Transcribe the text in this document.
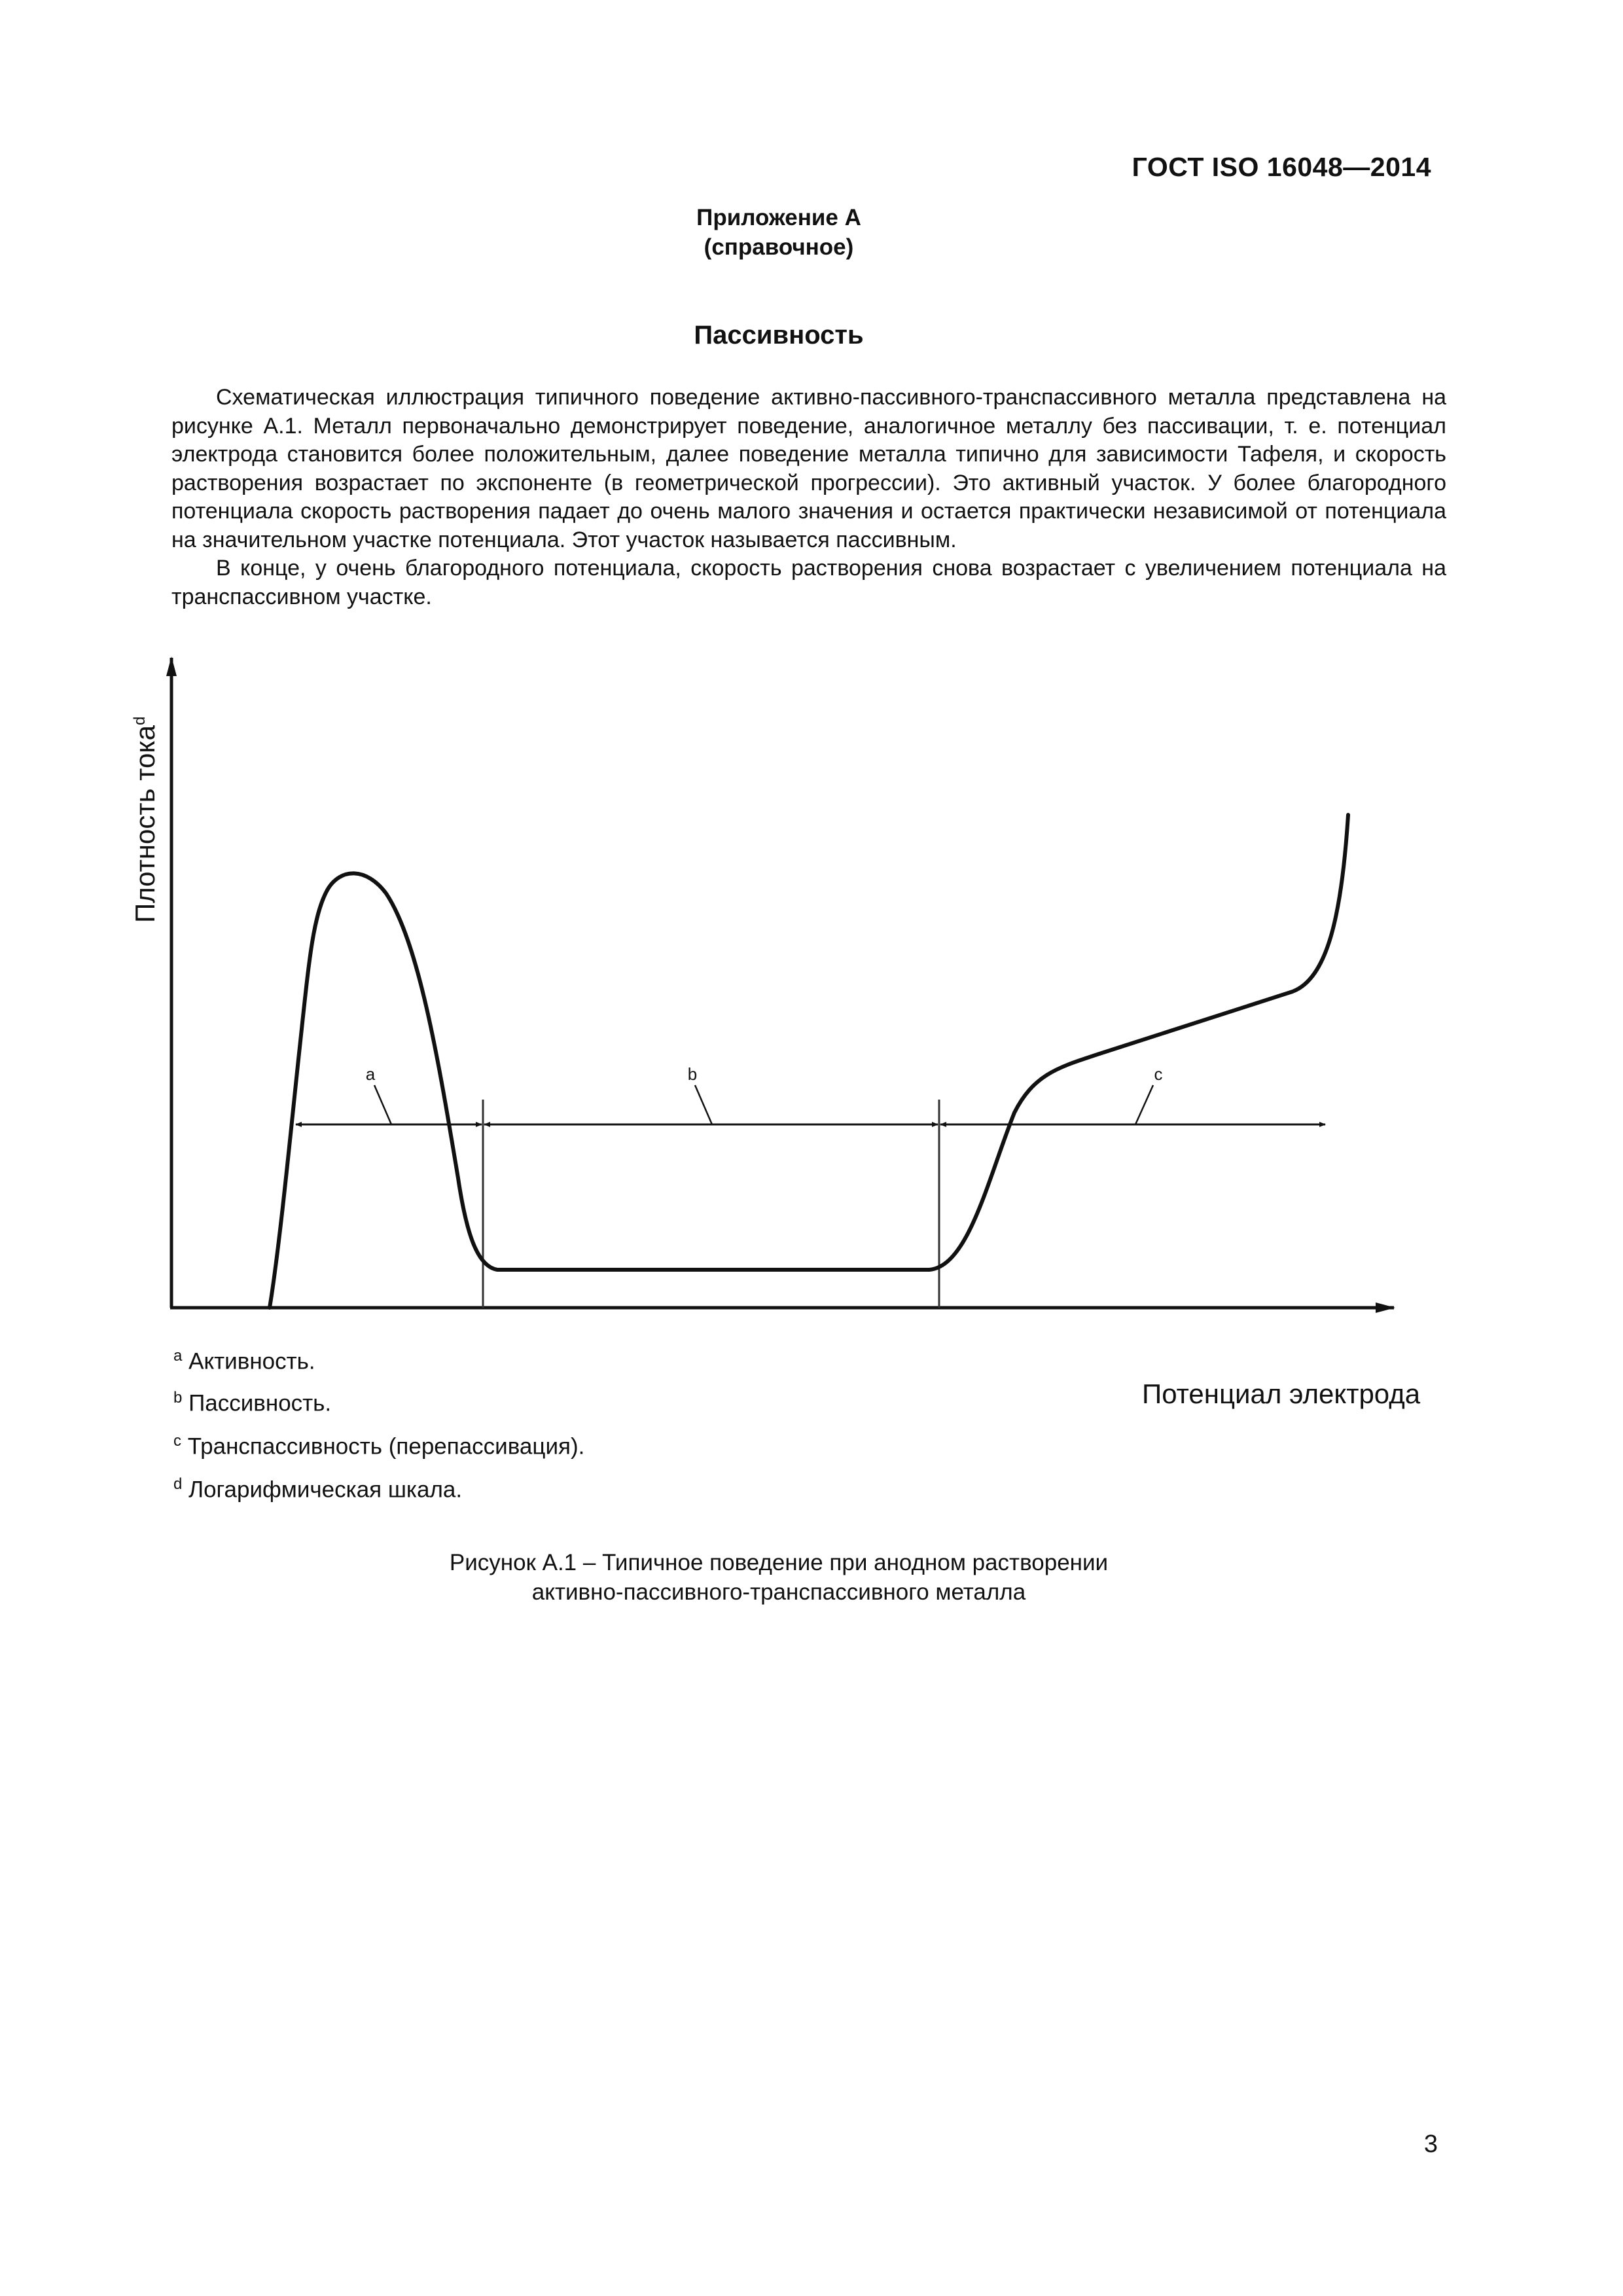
ГОСТ ISO 16048—2014
Приложение А
(справочное)
Пассивность

Схематическая иллюстрация типичного поведение активно-пассивного-транспассивного металла представлена на рисунке А.1. Металл первоначально демонстрирует поведение, аналогичное металлу без пассивации, т. е. потенциал электрода становится более положительным, далее поведение металла типично для зависимости Тафеля, и скорость растворения возрастает по экспоненте (в геометрической прогрессии). Это активный участок. У более благородного потенциала скорость растворения падает до очень малого значения и остается практически независимой от потенциала на значительном участке потенциала. Этот участок называется пассивным.

В конце, у очень благородного потенциала, скорость растворения снова возрастает с увеличением потенциала на транспассивном участке.

a	b	c
Плотность тока$^d$
Потенциал электрода
$^a$ Активность.
$^b$ Пассивность.
$^c$ Транспассивность (перепассивация).
$^d$ Логарифмическая шкала.
Рисунок А.1 – Типичное поведение при анодном растворении
активно-пассивного-транспассивного металла
3
